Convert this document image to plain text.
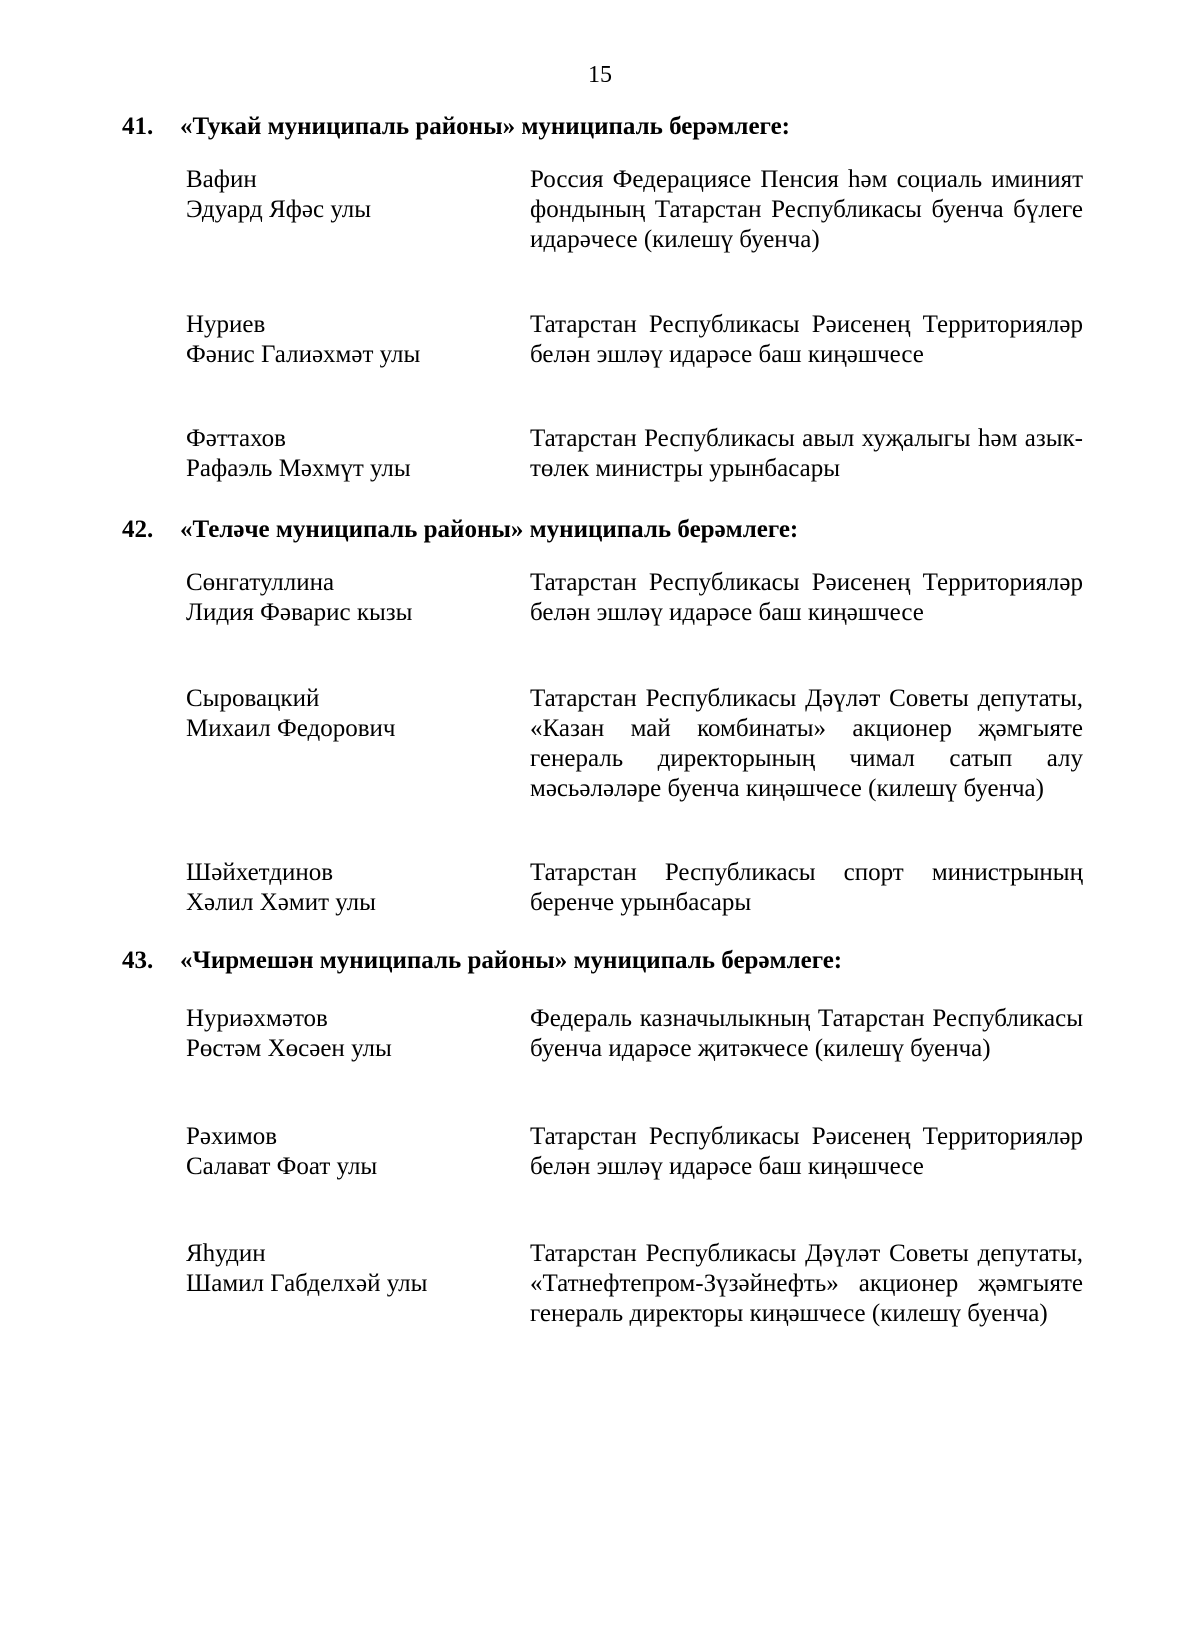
15
41. «Тукай муниципаль районы» муниципаль берәмлеге:
Вафин
Эдуард Яфәс улы
Россия Федерациясе Пенсия һәм социаль иминият фондының Татарстан Республикасы буенча бүлеге идарәчесе (килешү буенча)
Нуриев
Фәнис Галиәхмәт улы
Татарстан Республикасы Рәисенең Территорияләр белән эшләү идарәсе баш киңәшчесе
Фәттахов
Рафаэль Мәхмүт улы
Татарстан Республикасы авыл хуҗалыгы һәм азык-төлек министры урынбасары
42. «Теләче муниципаль районы» муниципаль берәмлеге:
Сөнгатуллина
Лидия Фәварис кызы
Татарстан Республикасы Рәисенең Территорияләр белән эшләү идарәсе баш киңәшчесе
Сыровацкий
Михаил Федорович
Татарстан Республикасы Дәүләт Советы депутаты, «Казан май комбинаты» акционер җәмгыяте генераль директорының чимал сатып алу мәсьәләләре буенча киңәшчесе (килешү буенча)
Шәйхетдинов
Хәлил Хәмит улы
Татарстан Республикасы спорт министрының беренче урынбасары
43. «Чирмешән муниципаль районы» муниципаль берәмлеге:
Нуриәхмәтов
Рөстәм Хөсәен улы
Федераль казначылыкның Татарстан Республикасы буенча идарәсе җитәкчесе (килешү буенча)
Рәхимов
Салават Фоат улы
Татарстан Республикасы Рәисенең Территорияләр белән эшләү идарәсе баш киңәшчесе
Яһудин
Шамил Габделхәй улы
Татарстан Республикасы Дәүләт Советы депутаты, «Татнефтепром-Зүзәйнефть» акционер җәмгыяте генераль директоры киңәшчесе (килешү буенча)
